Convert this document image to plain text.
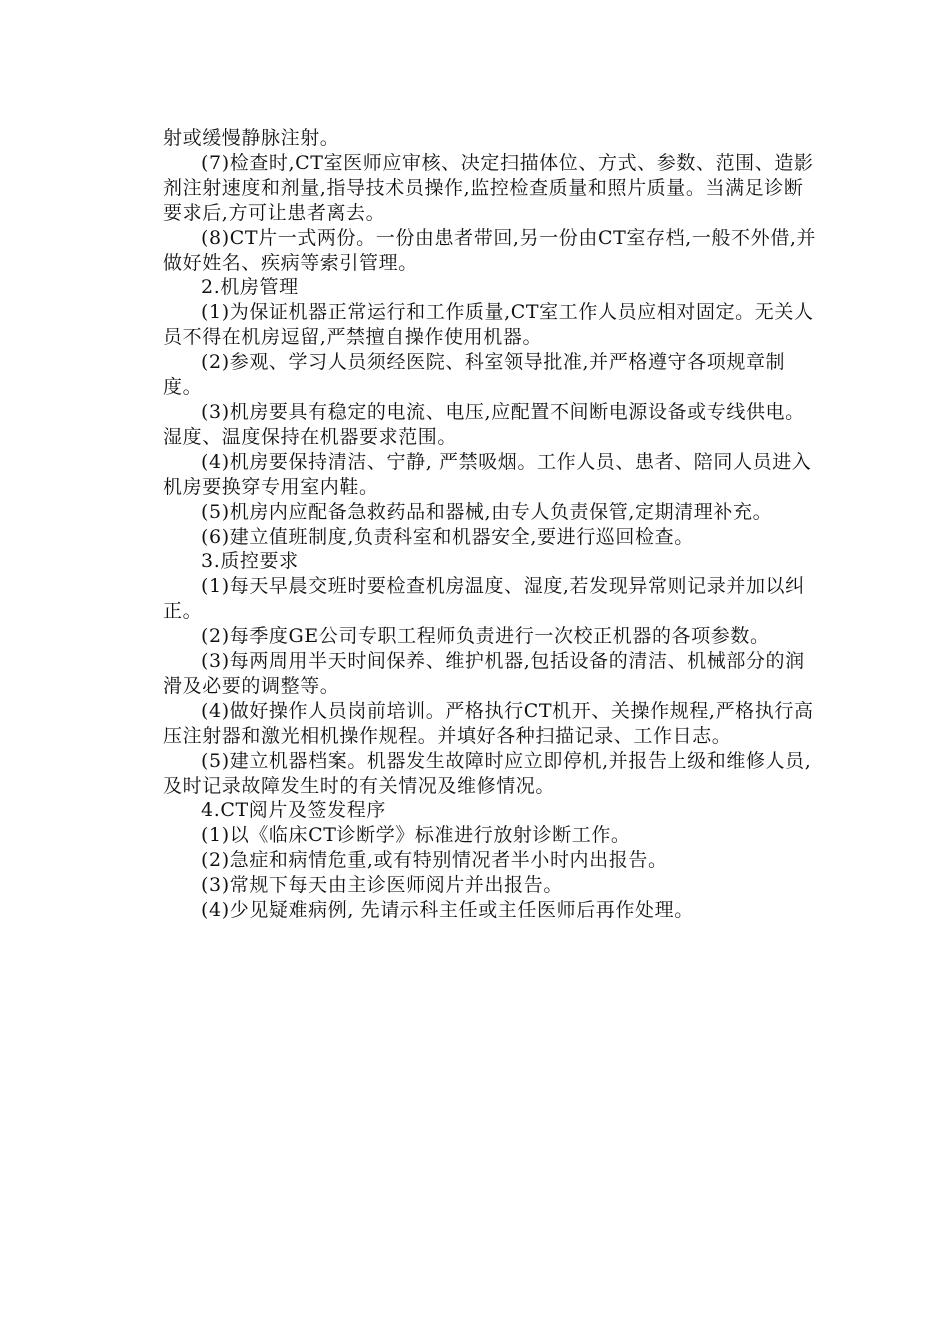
射或缓慢静脉注射。

(7)检查时,CT室医师应审核、决定扫描体位、方式、参数、范围、造影剂注射速度和剂量,指导技术员操作,监控检查质量和照片质量。当满足诊断要求后,方可让患者离去。

(8)CT片一式两份。一份由患者带回,另一份由CT室存档,一般不外借,并做好姓名、疾病等索引管理。

2.机房管理

(1)为保证机器正常运行和工作质量,CT室工作人员应相对固定。无关人员不得在机房逗留,严禁擅自操作使用机器。

(2)参观、学习人员须经医院、科室领导批准,并严格遵守各项规章制度。

(3)机房要具有稳定的电流、电压,应配置不间断电源设备或专线供电。湿度、温度保持在机器要求范围。

(4)机房要保持清洁、宁静, 严禁吸烟。工作人员、患者、陪同人员进入机房要换穿专用室内鞋。

(5)机房内应配备急救药品和器械,由专人负责保管,定期清理补充。

(6)建立值班制度,负责科室和机器安全,要进行巡回检查。

3.质控要求

(1)每天早晨交班时要检查机房温度、湿度,若发现异常则记录并加以纠正。

(2)每季度GE公司专职工程师负责进行一次校正机器的各项参数。

(3)每两周用半天时间保养、维护机器,包括设备的清洁、机械部分的润滑及必要的调整等。

(4)做好操作人员岗前培训。严格执行CT机开、关操作规程,严格执行高压注射器和激光相机操作规程。并填好各种扫描记录、工作日志。

(5)建立机器档案。机器发生故障时应立即停机,并报告上级和维修人员, 及时记录故障发生时的有关情况及维修情况。

4.CT阅片及签发程序

(1)以《临床CT诊断学》标准进行放射诊断工作。

(2)急症和病情危重,或有特别情况者半小时内出报告。

(3)常规下每天由主诊医师阅片并出报告。

(4)少见疑难病例, 先请示科主任或主任医师后再作处理。
